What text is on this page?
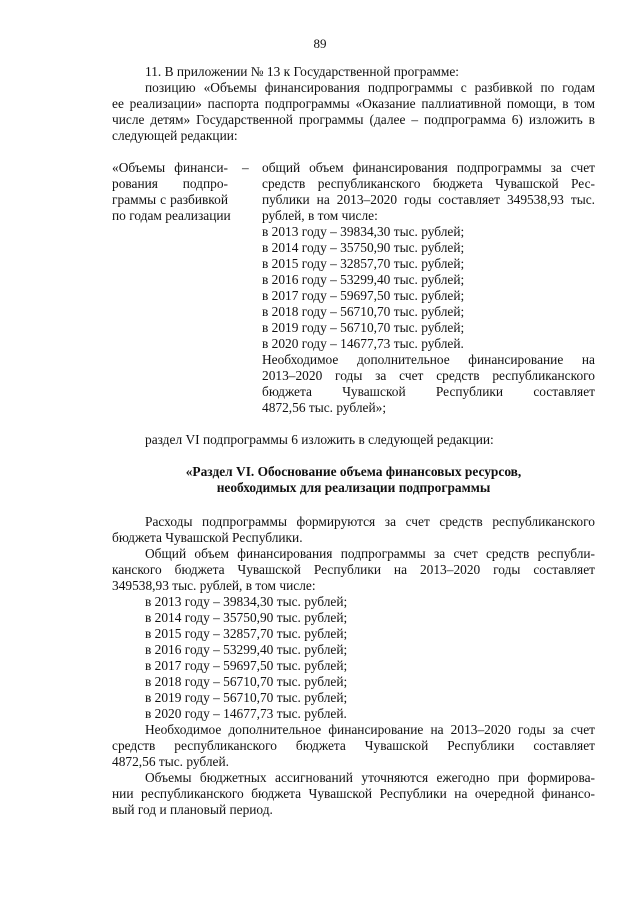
89
11. В приложении № 13 к Государственной программе:
позицию «Объемы финансирования подпрограммы с разбивкой по годам
ее реализации» паспорта подпрограммы «Оказание паллиативной помощи, в том
числе детям» Государственной программы (далее – подпрограмма 6) изложить в
следующей редакции:
«Объемы финанси-
рования подпро-
граммы с разбивкой
по годам реализации
– общий объем финансирования подпрограммы за счет
средств республиканского бюджета Чувашской Рес-
публики на 2013–2020 годы составляет 349538,93 тыс.
рублей, в том числе:
в 2013 году – 39834,30 тыс. рублей;
в 2014 году – 35750,90 тыс. рублей;
в 2015 году – 32857,70 тыс. рублей;
в 2016 году – 53299,40 тыс. рублей;
в 2017 году – 59697,50 тыс. рублей;
в 2018 году – 56710,70 тыс. рублей;
в 2019 году – 56710,70 тыс. рублей;
в 2020 году – 14677,73 тыс. рублей.
Необходимое дополнительное финансирование на
2013–2020 годы за счет средств республиканского
бюджета Чувашской Республики составляет
4872,56 тыс. рублей»;
раздел VI подпрограммы 6 изложить в следующей редакции:
«Раздел VI. Обоснование объема финансовых ресурсов,
необходимых для реализации подпрограммы
Расходы подпрограммы формируются за счет средств республиканского
бюджета Чувашской Республики.
Общий объем финансирования подпрограммы за счет средств республи-
канского бюджета Чувашской Республики на 2013–2020 годы составляет
349538,93 тыс. рублей, в том числе:
в 2013 году – 39834,30 тыс. рублей;
в 2014 году – 35750,90 тыс. рублей;
в 2015 году – 32857,70 тыс. рублей;
в 2016 году – 53299,40 тыс. рублей;
в 2017 году – 59697,50 тыс. рублей;
в 2018 году – 56710,70 тыс. рублей;
в 2019 году – 56710,70 тыс. рублей;
в 2020 году – 14677,73 тыс. рублей.
Необходимое дополнительное финансирование на 2013–2020 годы за счет
средств республиканского бюджета Чувашской Республики составляет
4872,56 тыс. рублей.
Объемы бюджетных ассигнований уточняются ежегодно при формирова-
нии республиканского бюджета Чувашской Республики на очередной финансо-
вый год и плановый период.
